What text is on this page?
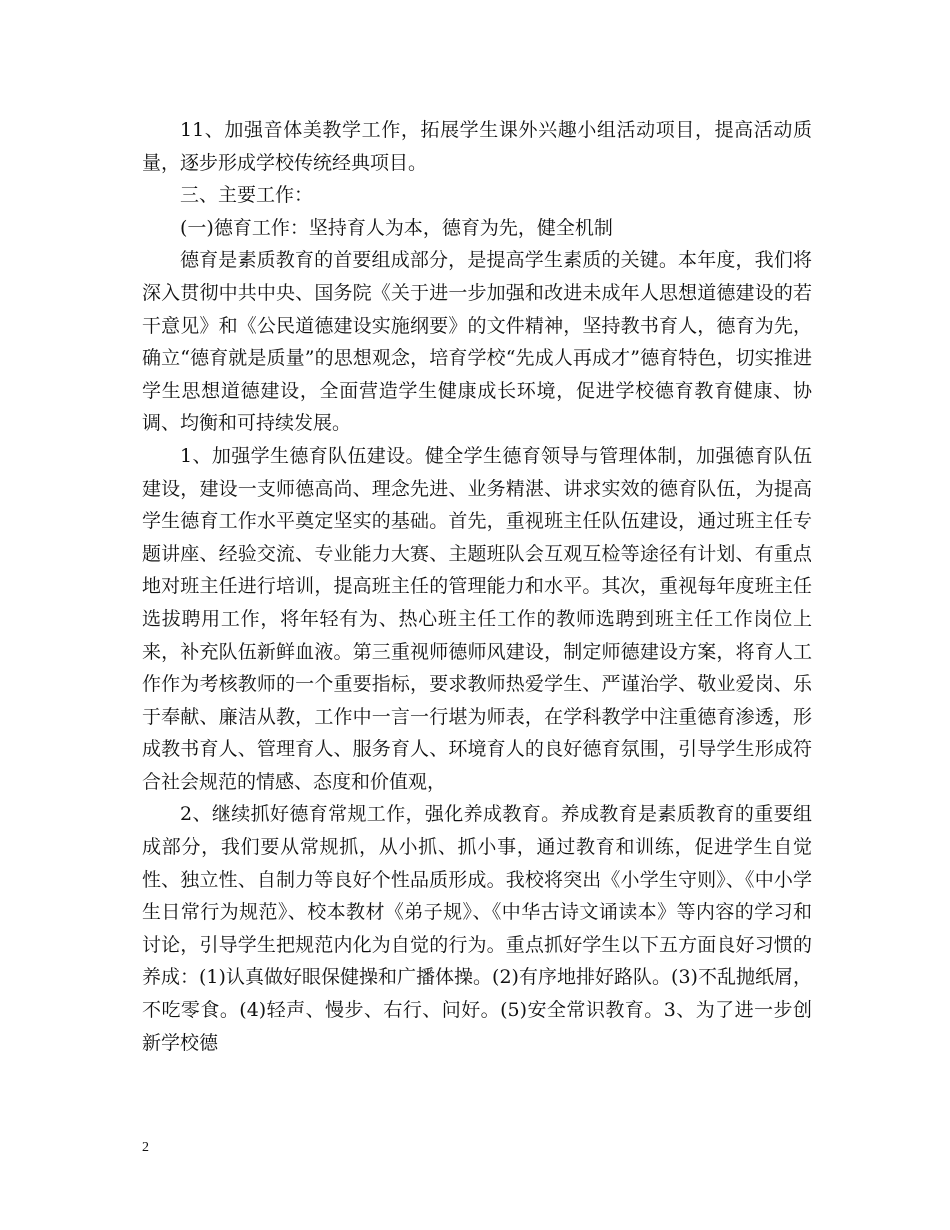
11、加强音体美教学工作，拓展学生课外兴趣小组活动项目，提高活动质量，逐步形成学校传统经典项目。

三、主要工作：

(一)德育工作：坚持育人为本，德育为先，健全机制

德育是素质教育的首要组成部分，是提高学生素质的关键。本年度，我们将深入贯彻中共中央、国务院《关于进一步加强和改进未成年人思想道德建设的若干意见》和《公民道德建设实施纲要》的文件精神，坚持教书育人，德育为先，确立“德育就是质量”的思想观念，培育学校“先成人再成才”德育特色，切实推进学生思想道德建设，全面营造学生健康成长环境，促进学校德育教育健康、协调、均衡和可持续发展。

1、加强学生德育队伍建设。健全学生德育领导与管理体制，加强德育队伍建设，建设一支师德高尚、理念先进、业务精湛、讲求实效的德育队伍，为提高学生德育工作水平奠定坚实的基础。首先，重视班主任队伍建设，通过班主任专题讲座、经验交流、专业能力大赛、主题班队会互观互检等途径有计划、有重点地对班主任进行培训，提高班主任的管理能力和水平。其次，重视每年度班主任选拔聘用工作，将年轻有为、热心班主任工作的教师选聘到班主任工作岗位上来，补充队伍新鲜血液。第三重视师德师风建设，制定师德建设方案，将育人工作作为考核教师的一个重要指标，要求教师热爱学生、严谨治学、敬业爱岗、乐于奉献、廉洁从教，工作中一言一行堪为师表，在学科教学中注重德育渗透，形成教书育人、管理育人、服务育人、环境育人的良好德育氛围，引导学生形成符合社会规范的情感、态度和价值观，

2、继续抓好德育常规工作，强化养成教育。养成教育是素质教育的重要组成部分，我们要从常规抓，从小抓、抓小事，通过教育和训练，促进学生自觉性、独立性、自制力等良好个性品质形成。我校将突出《小学生守则》、《中小学生日常行为规范》、校本教材《弟子规》、《中华古诗文诵读本》等内容的学习和讨论，引导学生把规范内化为自觉的行为。重点抓好学生以下五方面良好习惯的养成：(1)认真做好眼保健操和广播体操。(2)有序地排好路队。(3)不乱抛纸屑，不吃零食。(4)轻声、慢步、右行、问好。(5)安全常识教育。3、为了进一步创新学校德

2
